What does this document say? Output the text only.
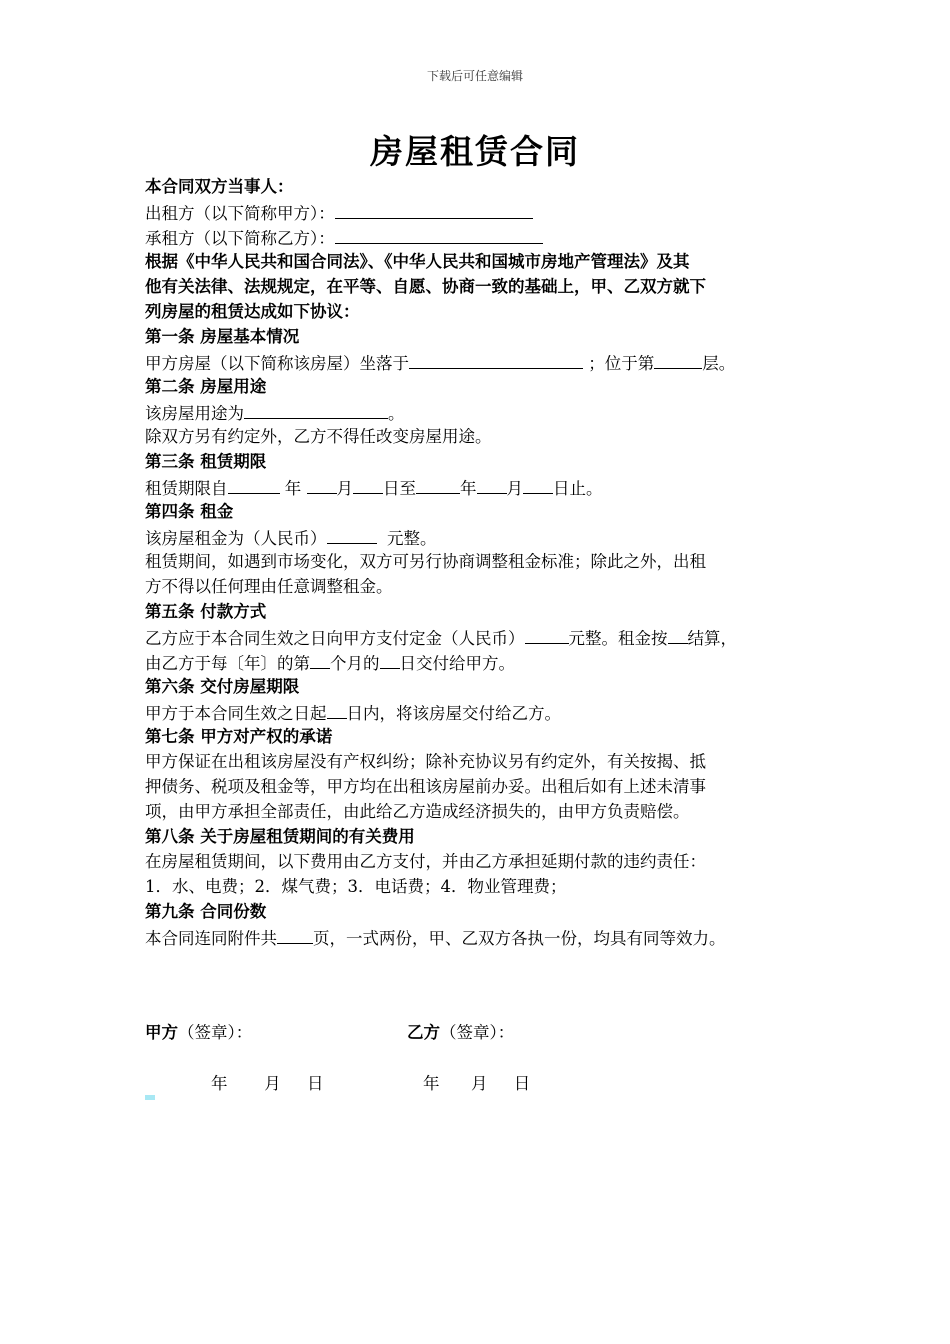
下载后可任意编辑
房屋租赁合同
本合同双方当事人：
出租方（以下简称甲方）：
承租方（以下简称乙方）：
根据《中华人民共和国合同法》、《中华人民共和国城市房地产管理法》及其
他有关法律、法规规定，在平等、自愿、协商一致的基础上，甲、乙双方就下
列房屋的租赁达成如下协议：
第一条 房屋基本情况
甲方房屋（以下简称该房屋）坐落于	；位于第	层。
第二条 房屋用途
该房屋用途为	。
除双方另有约定外，乙方不得任改变房屋用途。
第三条 租赁期限
租赁期限自	年 月 日至	年 月 日止。
第四条 租金
该房屋租金为（人民币）	元整。
租赁期间，如遇到市场变化，双方可另行协商调整租金标准；除此之外，出租
方不得以任何理由任意调整租金。
第五条 付款方式
乙方应于本合同生效之日向甲方支付定金（人民币）	元整。租金按 结算，
由乙方于每〔年〕的第 个月的 日交付给甲方。
第六条 交付房屋期限
甲方于本合同生效之日起 日内，将该房屋交付给乙方。
第七条 甲方对产权的承诺
甲方保证在出租该房屋没有产权纠纷；除补充协议另有约定外，有关按揭、抵
押债务、税项及租金等，甲方均在出租该房屋前办妥。出租后如有上述未清事
项，由甲方承担全部责任，由此给乙方造成经济损失的，由甲方负责赔偿。
第八条 关于房屋租赁期间的有关费用
在房屋租赁期间，以下费用由乙方支付，并由乙方承担延期付款的违约责任：
1．水、电费；2．煤气费；3．电话费；4．物业管理费；
第九条 合同份数
本合同连同附件共 页，一式两份，甲、乙双方各执一份，均具有同等效力。
甲方（签章）：	乙方（签章）：
年 月 日	年 月 日
